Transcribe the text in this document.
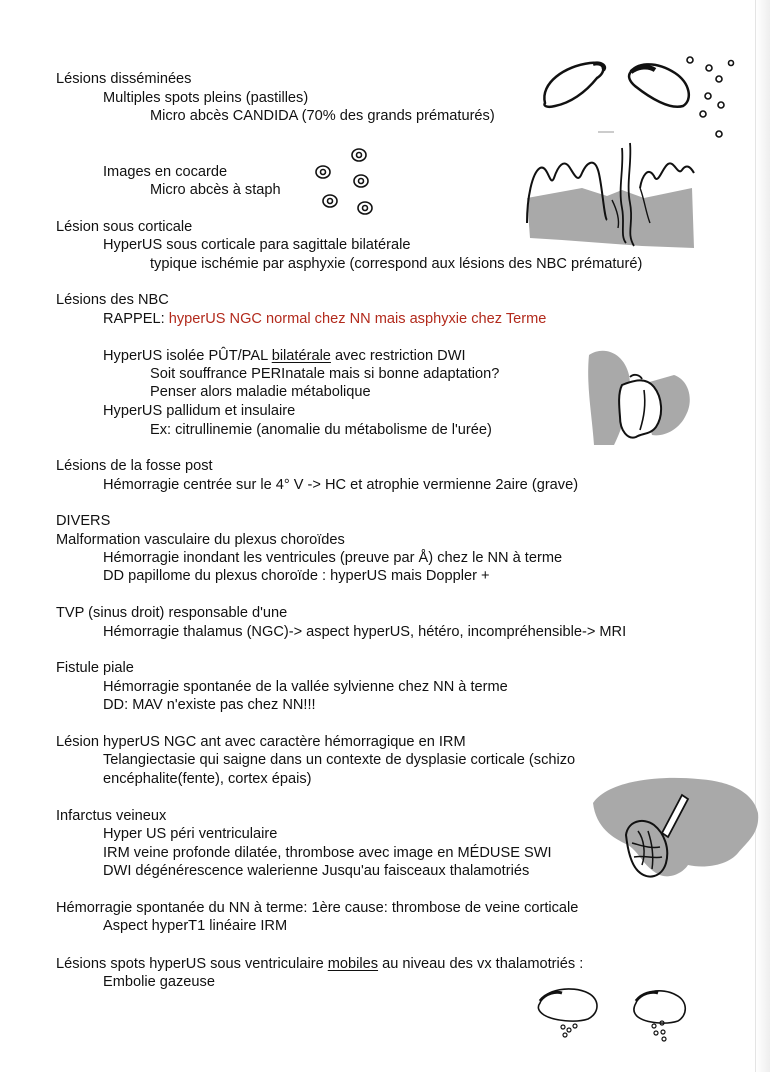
Lésions disséminées
Multiples spots pleins (pastilles)
Micro abcès CANDIDA (70% des grands prématurés)
Images en cocarde
Micro abcès à staph
Lésion sous corticale
HyperUS sous corticale para sagittale bilatérale
typique ischémie par asphyxie (correspond aux lésions des NBC prématuré)
Lésions des NBC
RAPPEL: hyperUS NGC normal chez NN mais asphyxie chez Terme
HyperUS isolée PÛT/PAL bilatérale avec restriction DWI
Soit souffrance PERInatale mais si bonne adaptation?
Penser alors maladie métabolique
HyperUS pallidum et insulaire
Ex: citrullinemie (anomalie du métabolisme de l'urée)
Lésions de la fosse post
Hémorragie centrée sur le 4° V -> HC et atrophie vermienne 2aire (grave)
DIVERS
Malformation vasculaire du plexus choroïdes
Hémorragie inondant les ventricules (preuve par Å) chez le NN à terme
DD papillome du plexus choroïde : hyperUS mais Doppler +
TVP (sinus droit) responsable d'une
Hémorragie thalamus (NGC)-> aspect hyperUS, hétéro, incompréhensible-> MRI
Fistule piale
Hémorragie spontanée de la vallée sylvienne chez NN à terme
DD: MAV n'existe pas chez NN!!!
Lésion hyperUS NGC ant avec caractère hémorragique en IRM
Telangiectasie qui saigne dans un contexte de dysplasie corticale (schizo
encéphalite(fente), cortex épais)
Infarctus veineux
Hyper US péri ventriculaire
IRM veine profonde dilatée, thrombose avec image en MÉDUSE SWI
DWI dégénérescence walerienne Jusqu'au faisceaux thalamotriés
Hémorragie spontanée du NN à terme: 1ère cause: thrombose de veine corticale
Aspect hyperT1 linéaire IRM
Lésions spots hyperUS sous ventriculaire mobiles au niveau des vx thalamotriés :
Embolie gazeuse
